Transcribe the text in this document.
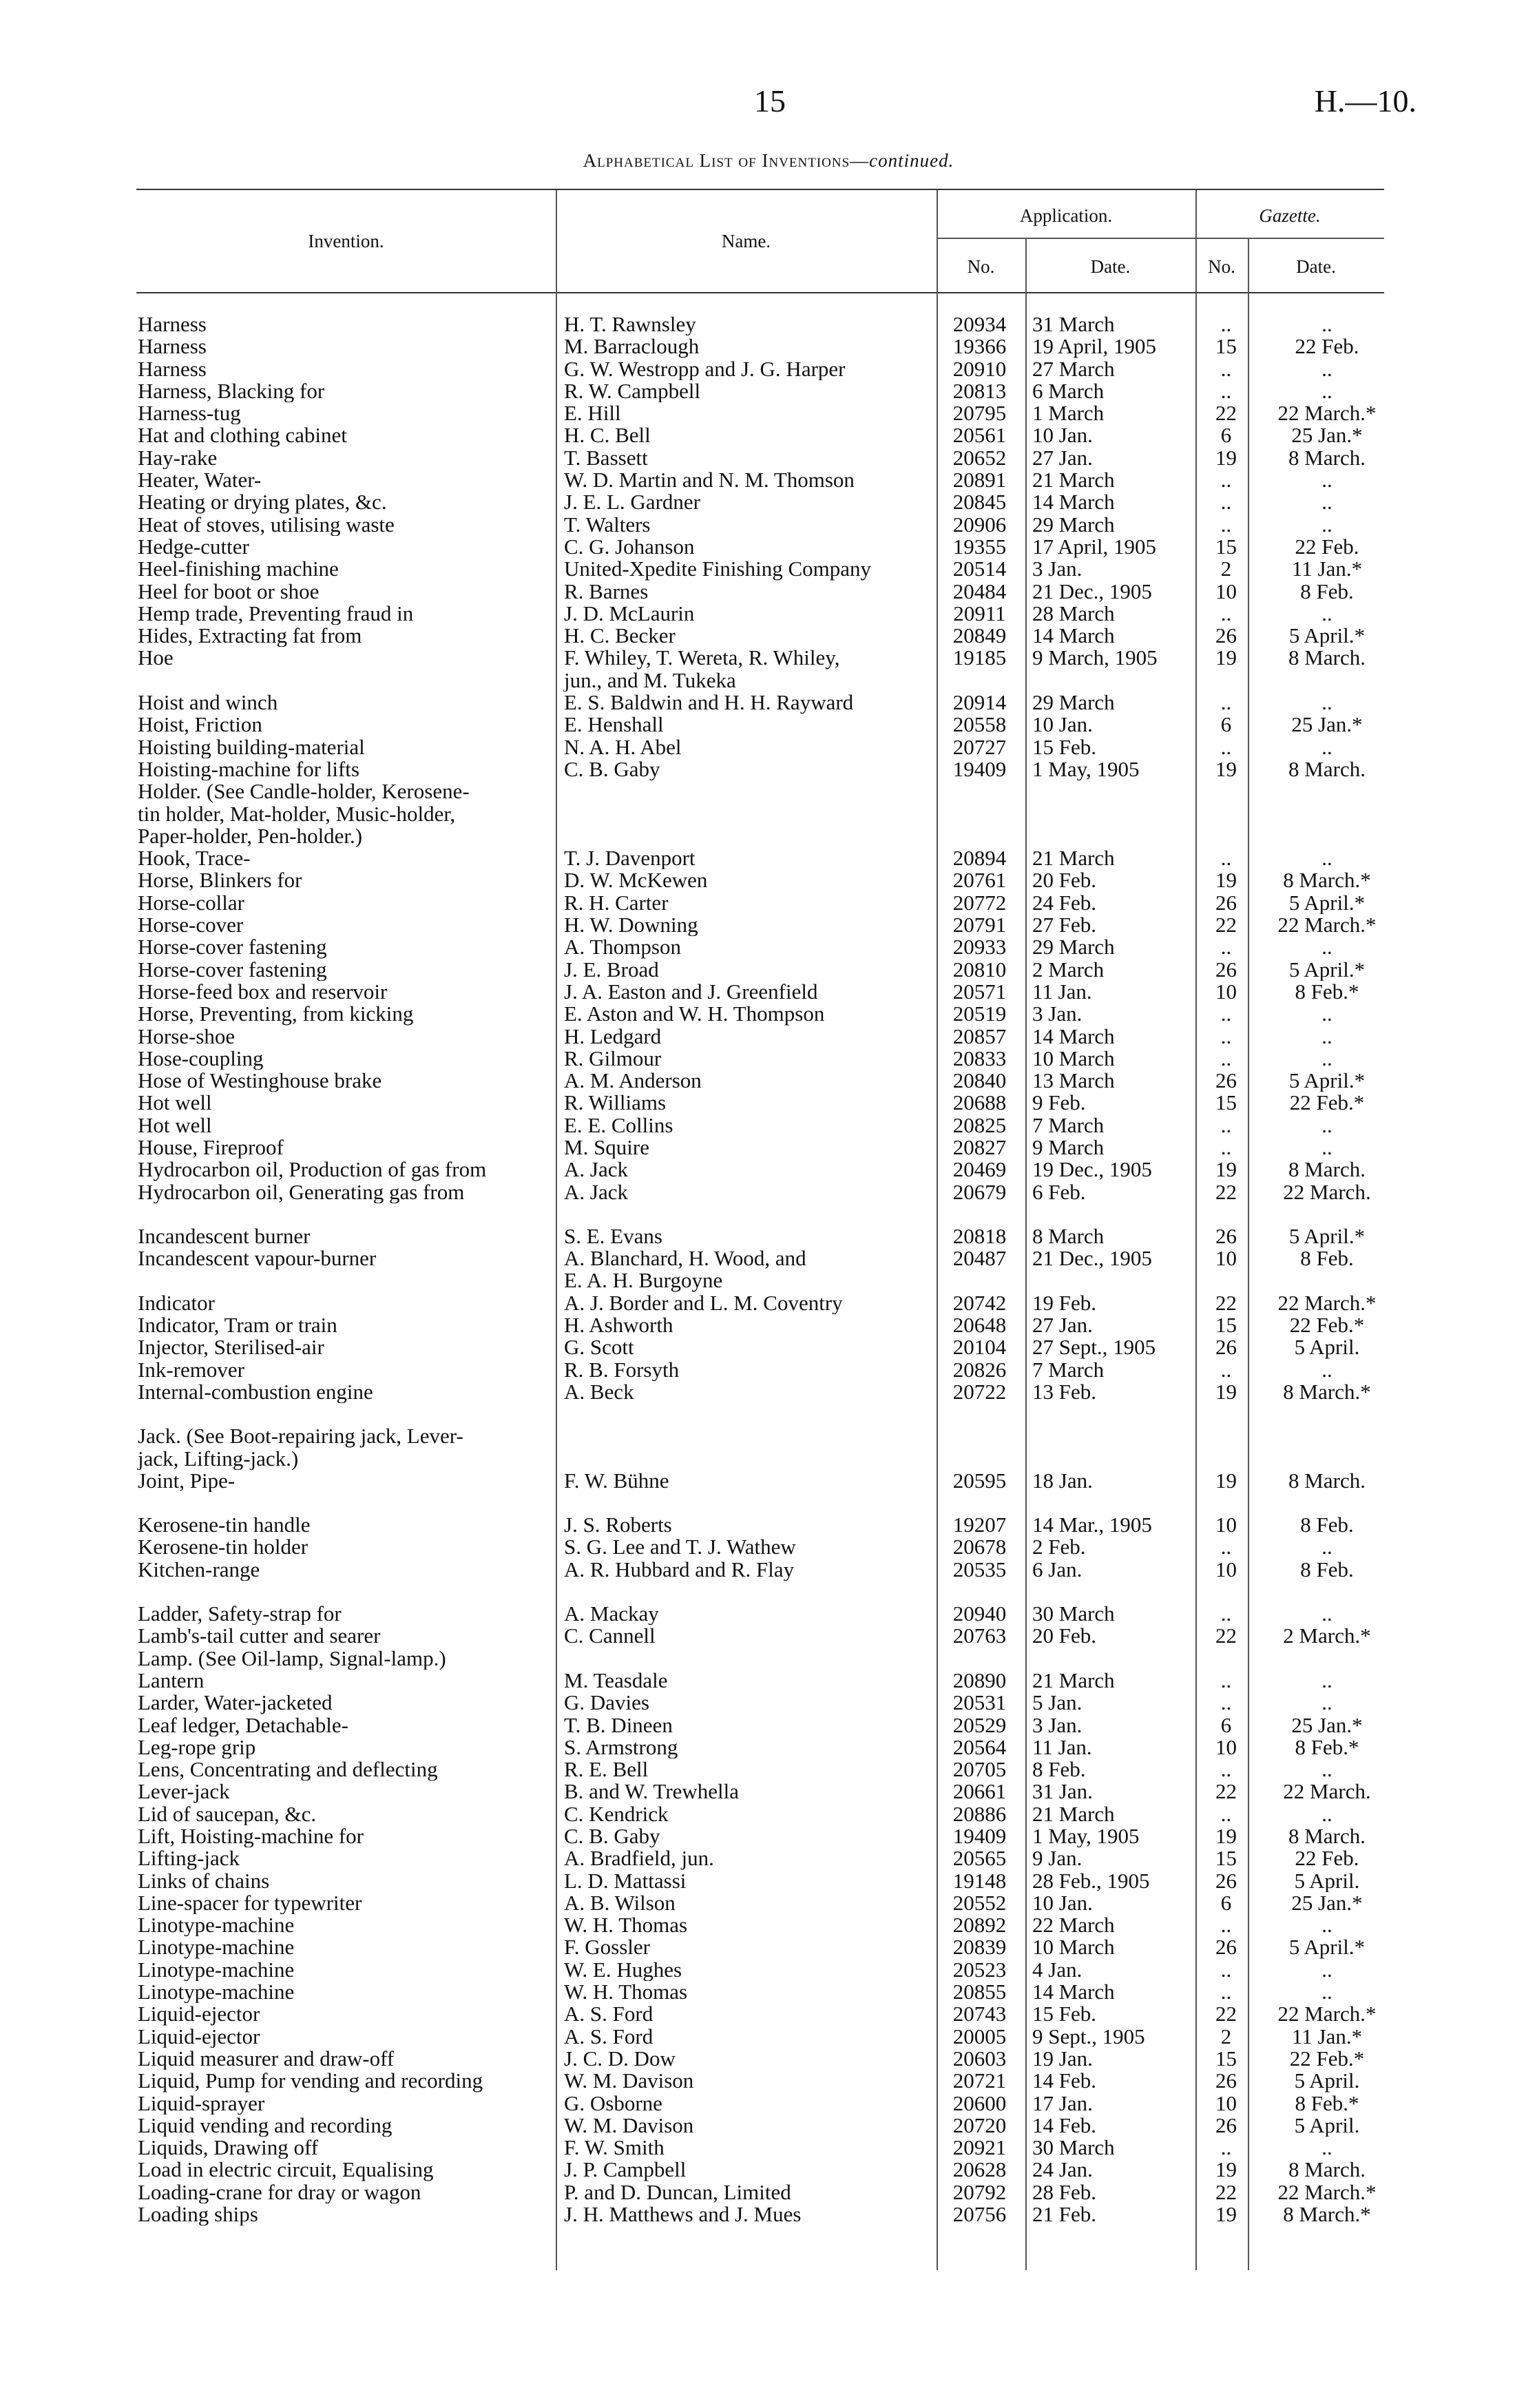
15	H.—10.
Alphabetical List of Inventions—continued.
Invention.	Name.
Application.	Gazette.
No.	Date.	No.	Date.
Harness	H. T. Rawnsley	20934	31 March	..	..
Harness	M. Barraclough	19366	19 April, 1905	15	22 Feb.
Harness	G. W. Westropp and J. G. Harper	20910	27 March	..	..
Harness, Blacking for	R. W. Campbell	20813	6 March	..	..
Harness-tug	E. Hill	20795	1 March	22	22 March.*
Hat and clothing cabinet	H. C. Bell	20561	10 Jan.	6	25 Jan.*
Hay-rake	T. Bassett	20652	27 Jan.	19	8 March.
Heater, Water-	W. D. Martin and N. M. Thomson	20891	21 March	..	..
Heating or drying plates, &c.	J. E. L. Gardner	20845	14 March	..	..
Heat of stoves, utilising waste	T. Walters	20906	29 March	..	..
Hedge-cutter	C. G. Johanson	19355	17 April, 1905	15	22 Feb.
Heel-finishing machine	United-Xpedite Finishing Company	20514	3 Jan.	2	11 Jan.*
Heel for boot or shoe	R. Barnes	20484	21 Dec., 1905	10	8 Feb.
Hemp trade, Preventing fraud in	J. D. McLaurin	20911	28 March	..	..
Hides, Extracting fat from	H. C. Becker	20849	14 March	26	5 April.*
Hoe	F. Whiley, T. Wereta, R. Whiley,	19185	9 March, 1905	19	8 March.
	jun., and M. Tukeka				
Hoist and winch	E. S. Baldwin and H. H. Rayward	20914	29 March	..	..
Hoist, Friction	E. Henshall	20558	10 Jan.	6	25 Jan.*
Hoisting building-material	N. A. H. Abel	20727	15 Feb.	..	..
Hoisting-machine for lifts	C. B. Gaby	19409	1 May, 1905	19	8 March.
Holder. (See Candle-holder, Kerosene-					
tin holder, Mat-holder, Music-holder,					
Paper-holder, Pen-holder.)					
Hook, Trace-	T. J. Davenport	20894	21 March	..	..
Horse, Blinkers for	D. W. McKewen	20761	20 Feb.	19	8 March.*
Horse-collar	R. H. Carter	20772	24 Feb.	26	5 April.*
Horse-cover	H. W. Downing	20791	27 Feb.	22	22 March.*
Horse-cover fastening	A. Thompson	20933	29 March	..	..
Horse-cover fastening	J. E. Broad	20810	2 March	26	5 April.*
Horse-feed box and reservoir	J. A. Easton and J. Greenfield	20571	11 Jan.	10	8 Feb.*
Horse, Preventing, from kicking	E. Aston and W. H. Thompson	20519	3 Jan.	..	..
Horse-shoe	H. Ledgard	20857	14 March	..	..
Hose-coupling	R. Gilmour	20833	10 March	..	..
Hose of Westinghouse brake	A. M. Anderson	20840	13 March	26	5 April.*
Hot well	R. Williams	20688	9 Feb.	15	22 Feb.*
Hot well	E. E. Collins	20825	7 March	..	..
House, Fireproof	M. Squire	20827	9 March	..	..
Hydrocarbon oil, Production of gas from	A. Jack	20469	19 Dec., 1905	19	8 March.
Hydrocarbon oil, Generating gas from	A. Jack	20679	6 Feb.	22	22 March.

Incandescent burner	S. E. Evans	20818	8 March	26	5 April.*
Incandescent vapour-burner	A. Blanchard, H. Wood, and	20487	21 Dec., 1905	10	8 Feb.
	E. A. H. Burgoyne				
Indicator	A. J. Border and L. M. Coventry	20742	19 Feb.	22	22 March.*
Indicator, Tram or train	H. Ashworth	20648	27 Jan.	15	22 Feb.*
Injector, Sterilised-air	G. Scott	20104	27 Sept., 1905	26	5 April.
Ink-remover	R. B. Forsyth	20826	7 March	..	..
Internal-combustion engine	A. Beck	20722	13 Feb.	19	8 March.*

Jack. (See Boot-repairing jack, Lever-					
jack, Lifting-jack.)					
Joint, Pipe-	F. W. Bühne	20595	18 Jan.	19	8 March.

Kerosene-tin handle	J. S. Roberts	19207	14 Mar., 1905	10	8 Feb.
Kerosene-tin holder	S. G. Lee and T. J. Wathew	20678	2 Feb.	..	..
Kitchen-range	A. R. Hubbard and R. Flay	20535	6 Jan.	10	8 Feb.

Ladder, Safety-strap for	A. Mackay	20940	30 March	..	..
Lamb's-tail cutter and searer	C. Cannell	20763	20 Feb.	22	2 March.*
Lamp. (See Oil-lamp, Signal-lamp.)					
Lantern	M. Teasdale	20890	21 March	..	..
Larder, Water-jacketed	G. Davies	20531	5 Jan.	..	..
Leaf ledger, Detachable-	T. B. Dineen	20529	3 Jan.	6	25 Jan.*
Leg-rope grip	S. Armstrong	20564	11 Jan.	10	8 Feb.*
Lens, Concentrating and deflecting	R. E. Bell	20705	8 Feb.	..	..
Lever-jack	B. and W. Trewhella	20661	31 Jan.	22	22 March.
Lid of saucepan, &c.	C. Kendrick	20886	21 March	..	..
Lift, Hoisting-machine for	C. B. Gaby	19409	1 May, 1905	19	8 March.
Lifting-jack	A. Bradfield, jun.	20565	9 Jan.	15	22 Feb.
Links of chains	L. D. Mattassi	19148	28 Feb., 1905	26	5 April.
Line-spacer for typewriter	A. B. Wilson	20552	10 Jan.	6	25 Jan.*
Linotype-machine	W. H. Thomas	20892	22 March	..	..
Linotype-machine	F. Gossler	20839	10 March	26	5 April.*
Linotype-machine	W. E. Hughes	20523	4 Jan.	..	..
Linotype-machine	W. H. Thomas	20855	14 March	..	..
Liquid-ejector	A. S. Ford	20743	15 Feb.	22	22 March.*
Liquid-ejector	A. S. Ford	20005	9 Sept., 1905	2	11 Jan.*
Liquid measurer and draw-off	J. C. D. Dow	20603	19 Jan.	15	22 Feb.*
Liquid, Pump for vending and recording	W. M. Davison	20721	14 Feb.	26	5 April.
Liquid-sprayer	G. Osborne	20600	17 Jan.	10	8 Feb.*
Liquid vending and recording	W. M. Davison	20720	14 Feb.	26	5 April.
Liquids, Drawing off	F. W. Smith	20921	30 March	..	..
Load in electric circuit, Equalising	J. P. Campbell	20628	24 Jan.	19	8 March.
Loading-crane for dray or wagon	P. and D. Duncan, Limited	20792	28 Feb.	22	22 March.*
Loading ships	J. H. Matthews and J. Mues	20756	21 Feb.	19	8 March.*
